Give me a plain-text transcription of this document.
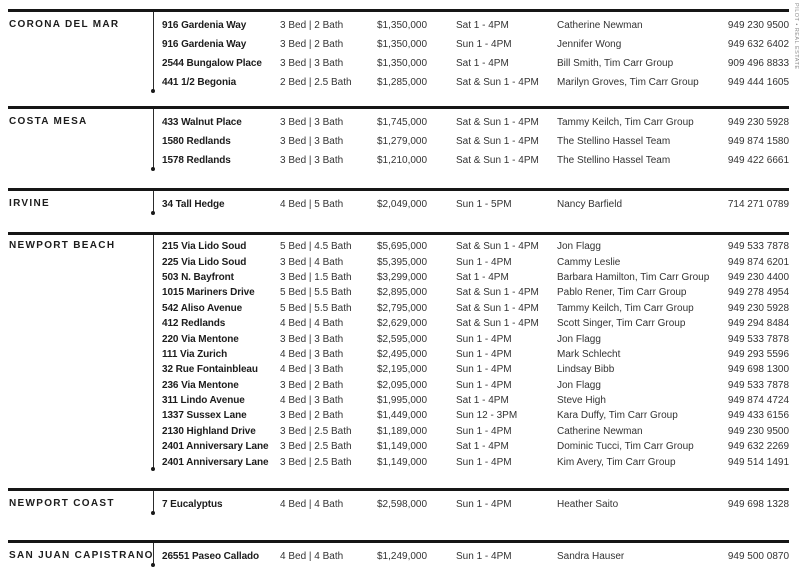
CORONA DEL MAR	916 Gardenia Way	3 Bed | 2 Bath	$1,350,000	Sat 1 - 4PM	Catherine Newman	949 230 9500
916 Gardenia Way	3 Bed | 2 Bath	$1,350,000	Sun 1 - 4PM	Jennifer Wong	949 632 6402
2544 Bungalow Place	3 Bed | 3 Bath	$1,350,000	Sat 1 - 4PM	Bill Smith, Tim Carr Group	909 496 8833
441 1/2 Begonia	2 Bed | 2.5 Bath	$1,285,000	Sat & Sun 1 - 4PM	Marilyn Groves, Tim Carr Group	949 444 1605
COSTA MESA	433 Walnut Place	3 Bed | 3 Bath	$1,745,000	Sat & Sun 1 - 4PM	Tammy Keilch, Tim Carr Group	949 230 5928
1580 Redlands	3 Bed | 3 Bath	$1,279,000	Sat & Sun 1 - 4PM	The Stellino Hassel Team	949 874 1580
1578 Redlands	3 Bed | 3 Bath	$1,210,000	Sat & Sun 1 - 4PM	The Stellino Hassel Team	949 422 6661
IRVINE	34 Tall Hedge	4 Bed | 5 Bath	$2,049,000	Sun 1 - 5PM	Nancy Barfield	714 271 0789
NEWPORT BEACH	215 Via Lido Soud	5 Bed | 4.5 Bath	$5,695,000	Sat & Sun 1 - 4PM	Jon Flagg	949 533 7878
225 Via Lido Soud	3 Bed | 4 Bath	$5,395,000	Sun 1 - 4PM	Cammy Leslie	949 874 6201
503 N. Bayfront	3 Bed | 1.5 Bath	$3,299,000	Sat 1 - 4PM	Barbara Hamilton, Tim Carr Group	949 230 4400
1015 Mariners Drive	5 Bed | 5.5 Bath	$2,895,000	Sat & Sun 1 - 4PM	Pablo Rener, Tim Carr Group	949 278 4954
542 Aliso Avenue	5 Bed | 5.5 Bath	$2,795,000	Sat & Sun 1 - 4PM	Tammy Keilch, Tim Carr Group	949 230 5928
412 Redlands	4 Bed | 4 Bath	$2,629,000	Sat & Sun 1 - 4PM	Scott Singer, Tim Carr Group	949 294 8484
220 Via Mentone	3 Bed | 3 Bath	$2,595,000	Sun 1 - 4PM	Jon Flagg	949 533 7878
111 Via Zurich	4 Bed | 3 Bath	$2,495,000	Sun 1 - 4PM	Mark Schlecht	949 293 5596
32 Rue Fontainbleau	4 Bed | 3 Bath	$2,195,000	Sun 1 - 4PM	Lindsay Bibb	949 698 1300
236 Via Mentone	3 Bed | 2 Bath	$2,095,000	Sun 1 - 4PM	Jon Flagg	949 533 7878
311 Lindo Avenue	4 Bed | 3 Bath	$1,995,000	Sat 1 - 4PM	Steve High	949 874 4724
1337 Sussex Lane	3 Bed | 2 Bath	$1,449,000	Sun 12 - 3PM	Kara Duffy, Tim Carr Group	949 433 6156
2130 Highland Drive	3 Bed | 2.5 Bath	$1,189,000	Sun 1 - 4PM	Catherine Newman	949 230 9500
2401 Anniversary Lane	3 Bed | 2.5 Bath	$1,149,000	Sat 1 - 4PM	Dominic Tucci, Tim Carr Group	949 632 2269
2401 Anniversary Lane	3 Bed | 2.5 Bath	$1,149,000	Sun 1 - 4PM	Kim Avery, Tim Carr Group	949 514 1491
NEWPORT COAST	7 Eucalyptus	4 Bed | 4 Bath	$2,598,000	Sun 1 - 4PM	Heather Saito	949 698 1328
SAN JUAN CAPISTRANO 26551 Paseo Callado	4 Bed | 4 Bath	$1,249,000	Sun 1 - 4PM	Sandra Hauser	949 500 0870
PILOT • REAL ESTATE
